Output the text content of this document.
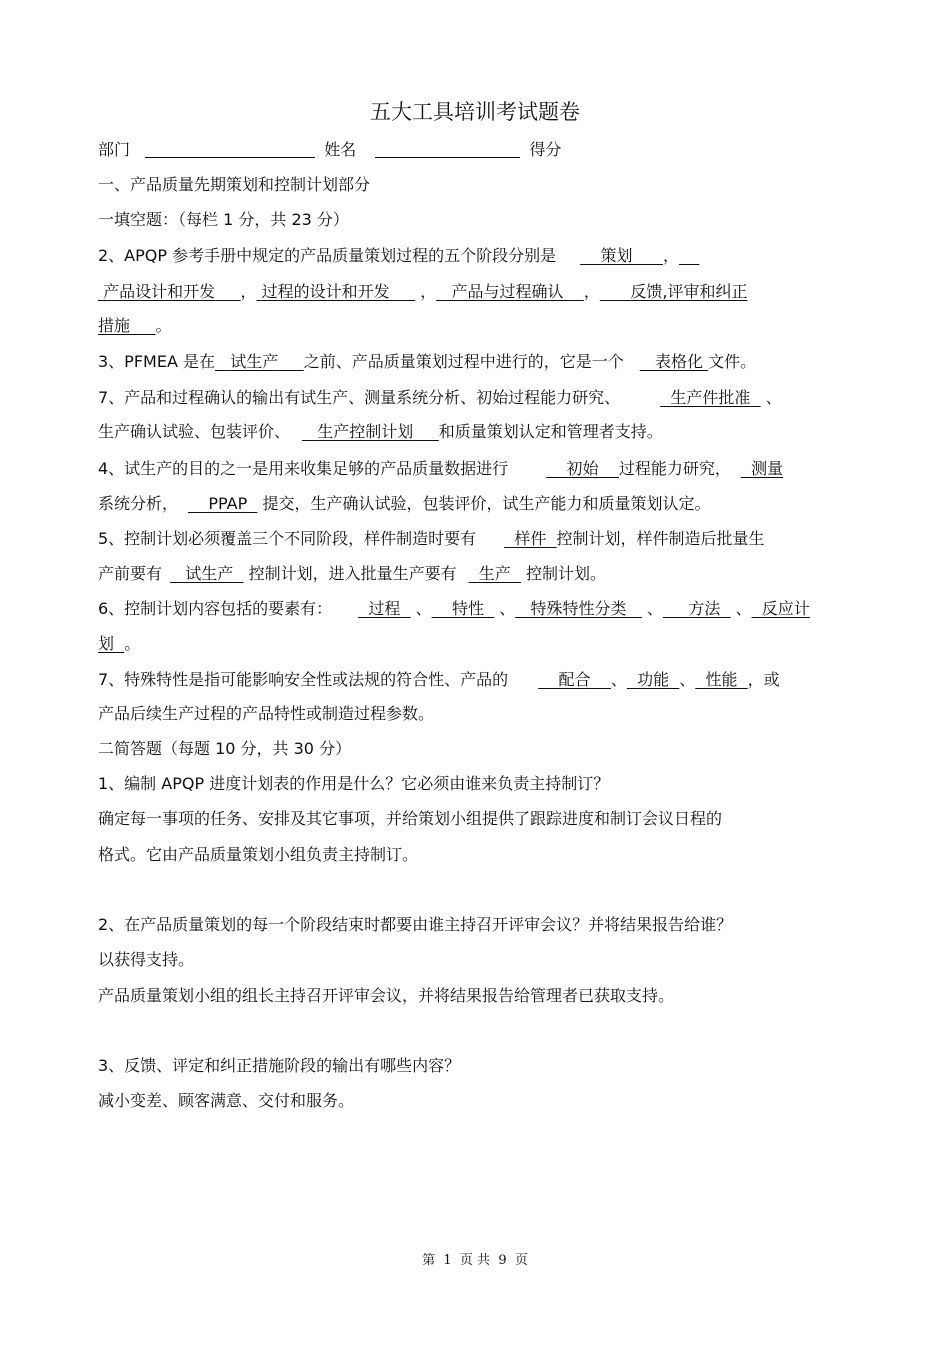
五大工具培训考试题卷
部门	姓名	得分
一、产品质量先期策划和控制计划部分
一填空题：（每栏 1 分，共 23 分）
2、APQP 参考手册中规定的产品质量策划过程的五个阶段分别是	策划 ，
产品设计和开发 ， 过程的设计和开发      ， 产品与过程确认 ， 反馈,评审和纠正
措施 。
3、PFMEA 是在 试生产 之前、产品质量策划过程中进行的，它是一个 表格化 文件。
7、产品和过程确认的输出有试生产、测量系统分析、初始过程能力研究、	生产件批准   、
生产确认试验、包装评价、 生产控制计划 和质量策划认定和管理者支持。
4、试生产的目的之一是用来收集足够的产品质量数据进行	初始 过程能力研究， 测量
系统分析， PPAP 提交，生产确认试验，包装评价，试生产能力和质量策划认定。
5、控制计划必须覆盖三个不同阶段，样件制造时要有 样件 控制计划，样件制造后批量生
产前要有 试生产 控制计划，进入批量生产要有 生产 控制计划。
6、控制计划内容包括的要素有： 过程   、 特性   、 特殊特性分类    、 方法   、 反应计
划 。
7、特殊特性是指可能影响安全性或法规的符合性、产品的	配合 、 功能 、 性能 ，或
产品后续生产过程的产品特性或制造过程参数。
二简答题（每题 10 分，共 30 分）
1、编制 APQP 进度计划表的作用是什么？它必须由谁来负责主持制订？
确定每一事项的任务、安排及其它事项，并给策划小组提供了跟踪进度和制订会议日程的
格式。它由产品质量策划小组负责主持制订。
2、在产品质量策划的每一个阶段结束时都要由谁主持召开评审会议？并将结果报告给谁？
以获得支持。
产品质量策划小组的组长主持召开评审会议，并将结果报告给管理者已获取支持。
3、反馈、评定和纠正措施阶段的输出有哪些内容？
减小变差、顾客满意、交付和服务。
第 1 页 共 9 页
